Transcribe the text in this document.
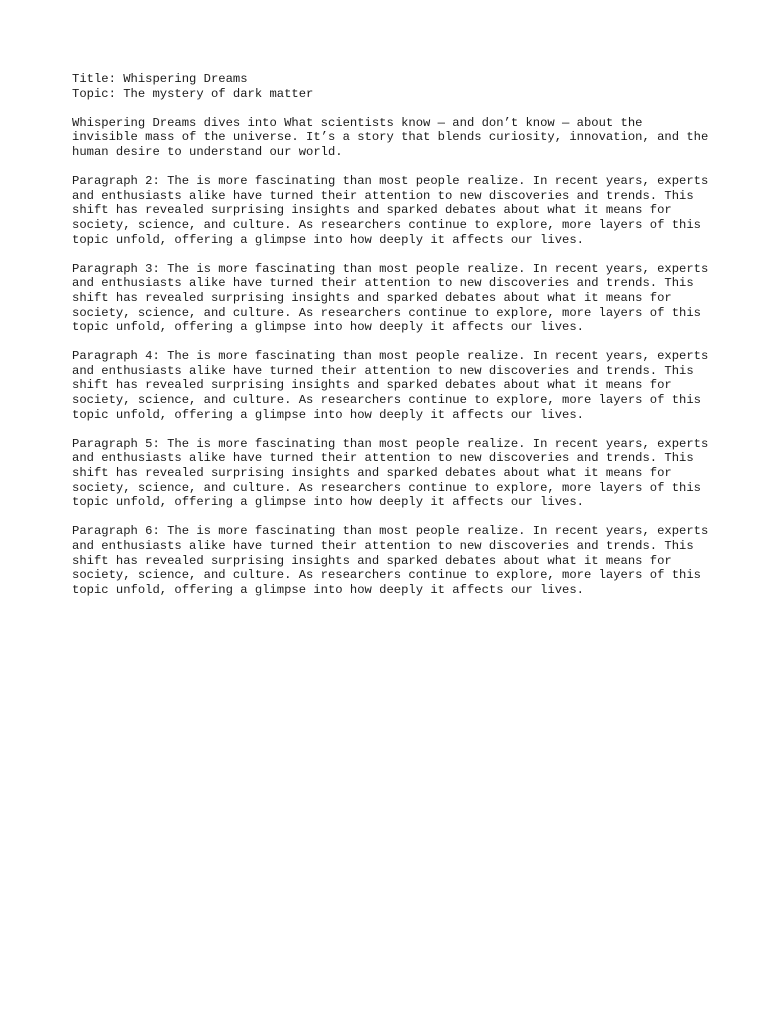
Title: Whispering Dreams

Topic: The mystery of dark matter

Whispering Dreams dives into What scientists know — and don’t know — about the invisible mass of the universe. It’s a story that blends curiosity, innovation, and the human desire to understand our world.

Paragraph 2: The is more fascinating than most people realize. In recent years, experts and enthusiasts alike have turned their attention to new discoveries and trends. This shift has revealed surprising insights and sparked debates about what it means for society, science, and culture. As researchers continue to explore, more layers of this topic unfold, offering a glimpse into how deeply it affects our lives.

Paragraph 3: The is more fascinating than most people realize. In recent years, experts and enthusiasts alike have turned their attention to new discoveries and trends. This shift has revealed surprising insights and sparked debates about what it means for society, science, and culture. As researchers continue to explore, more layers of this topic unfold, offering a glimpse into how deeply it affects our lives.

Paragraph 4: The is more fascinating than most people realize. In recent years, experts and enthusiasts alike have turned their attention to new discoveries and trends. This shift has revealed surprising insights and sparked debates about what it means for society, science, and culture. As researchers continue to explore, more layers of this topic unfold, offering a glimpse into how deeply it affects our lives.

Paragraph 5: The is more fascinating than most people realize. In recent years, experts and enthusiasts alike have turned their attention to new discoveries and trends. This shift has revealed surprising insights and sparked debates about what it means for society, science, and culture. As researchers continue to explore, more layers of this topic unfold, offering a glimpse into how deeply it affects our lives.

Paragraph 6: The is more fascinating than most people realize. In recent years, experts and enthusiasts alike have turned their attention to new discoveries and trends. This shift has revealed surprising insights and sparked debates about what it means for society, science, and culture. As researchers continue to explore, more layers of this topic unfold, offering a glimpse into how deeply it affects our lives.
